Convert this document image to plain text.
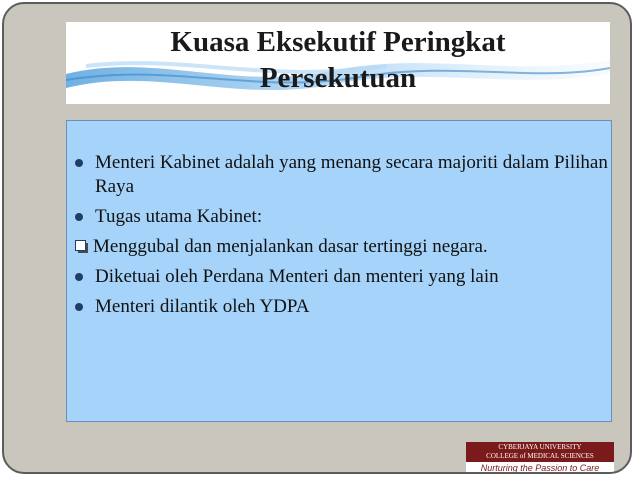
Kuasa Eksekutif Peringkat
Persekutuan
Menteri Kabinet adalah yang menang secara majoriti dalam Pilihan Raya
Tugas utama Kabinet:
Menggubal dan menjalankan dasar tertinggi negara.
Diketuai oleh Perdana Menteri dan menteri yang lain
Menteri dilantik oleh YDPA
CYBERJAYA UNIVERSITY
COLLEGE of MEDICAL SCIENCES
Nurturing the Passion to Care
